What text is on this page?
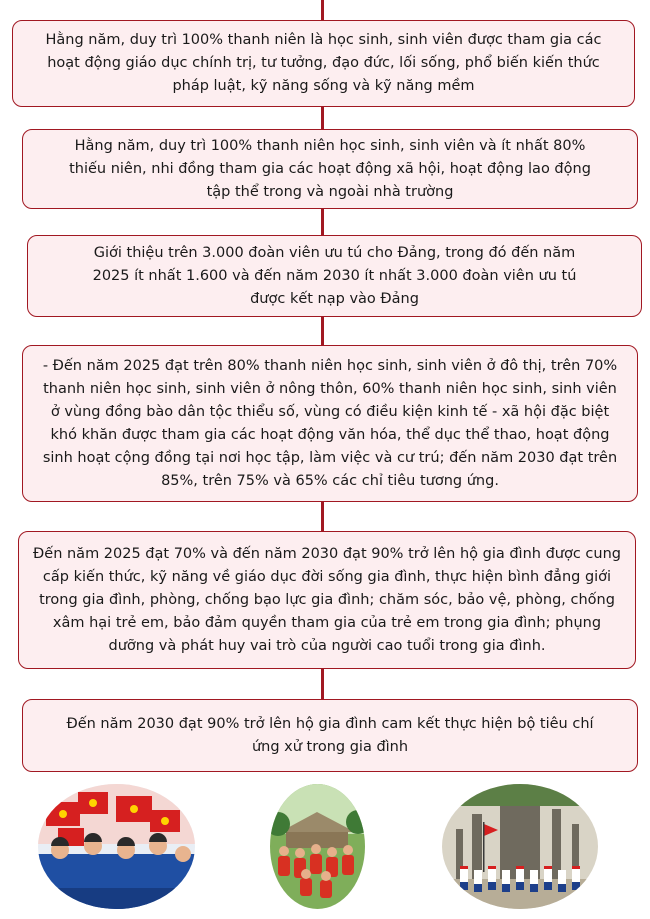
Hằng năm, duy trì 100% thanh niên là học sinh, sinh viên được tham gia các hoạt động giáo dục chính trị, tư tưởng, đạo đức, lối sống, phổ biến kiến thức pháp luật, kỹ năng sống và kỹ năng mềm

Hằng năm, duy trì 100% thanh niên học sinh, sinh viên và ít nhất 80% thiếu niên, nhi đồng tham gia các hoạt động xã hội, hoạt động lao động tập thể trong và ngoài nhà trường

Giới thiệu trên 3.000 đoàn viên ưu tú cho Đảng, trong đó đến năm 2025 ít nhất 1.600 và đến năm 2030 ít nhất 3.000 đoàn viên ưu tú được kết nạp vào Đảng

- Đến năm 2025 đạt trên 80% thanh niên học sinh, sinh viên ở đô thị, trên 70% thanh niên học sinh, sinh viên ở nông thôn, 60% thanh niên học sinh, sinh viên ở vùng đồng bào dân tộc thiểu số, vùng có điều kiện kinh tế - xã hội đặc biệt khó khăn được tham gia các hoạt động văn hóa, thể dục thể thao, hoạt động sinh hoạt cộng đồng tại nơi học tập, làm việc và cư trú; đến năm 2030 đạt trên 85%, trên 75% và 65% các chỉ tiêu tương ứng.

Đến năm 2025 đạt 70% và đến năm 2030 đạt 90% trở lên hộ gia đình được cung cấp kiến thức, kỹ năng về giáo dục đời sống gia đình, thực hiện bình đẳng giới trong gia đình, phòng, chống bạo lực gia đình; chăm sóc, bảo vệ, phòng, chống xâm hại trẻ em, bảo đảm quyền tham gia của trẻ em trong gia đình; phụng dưỡng và phát huy vai trò của người cao tuổi trong gia đình.

Đến năm 2030 đạt 90% trở lên hộ gia đình cam kết thực hiện bộ tiêu chí ứng xử trong gia đình
